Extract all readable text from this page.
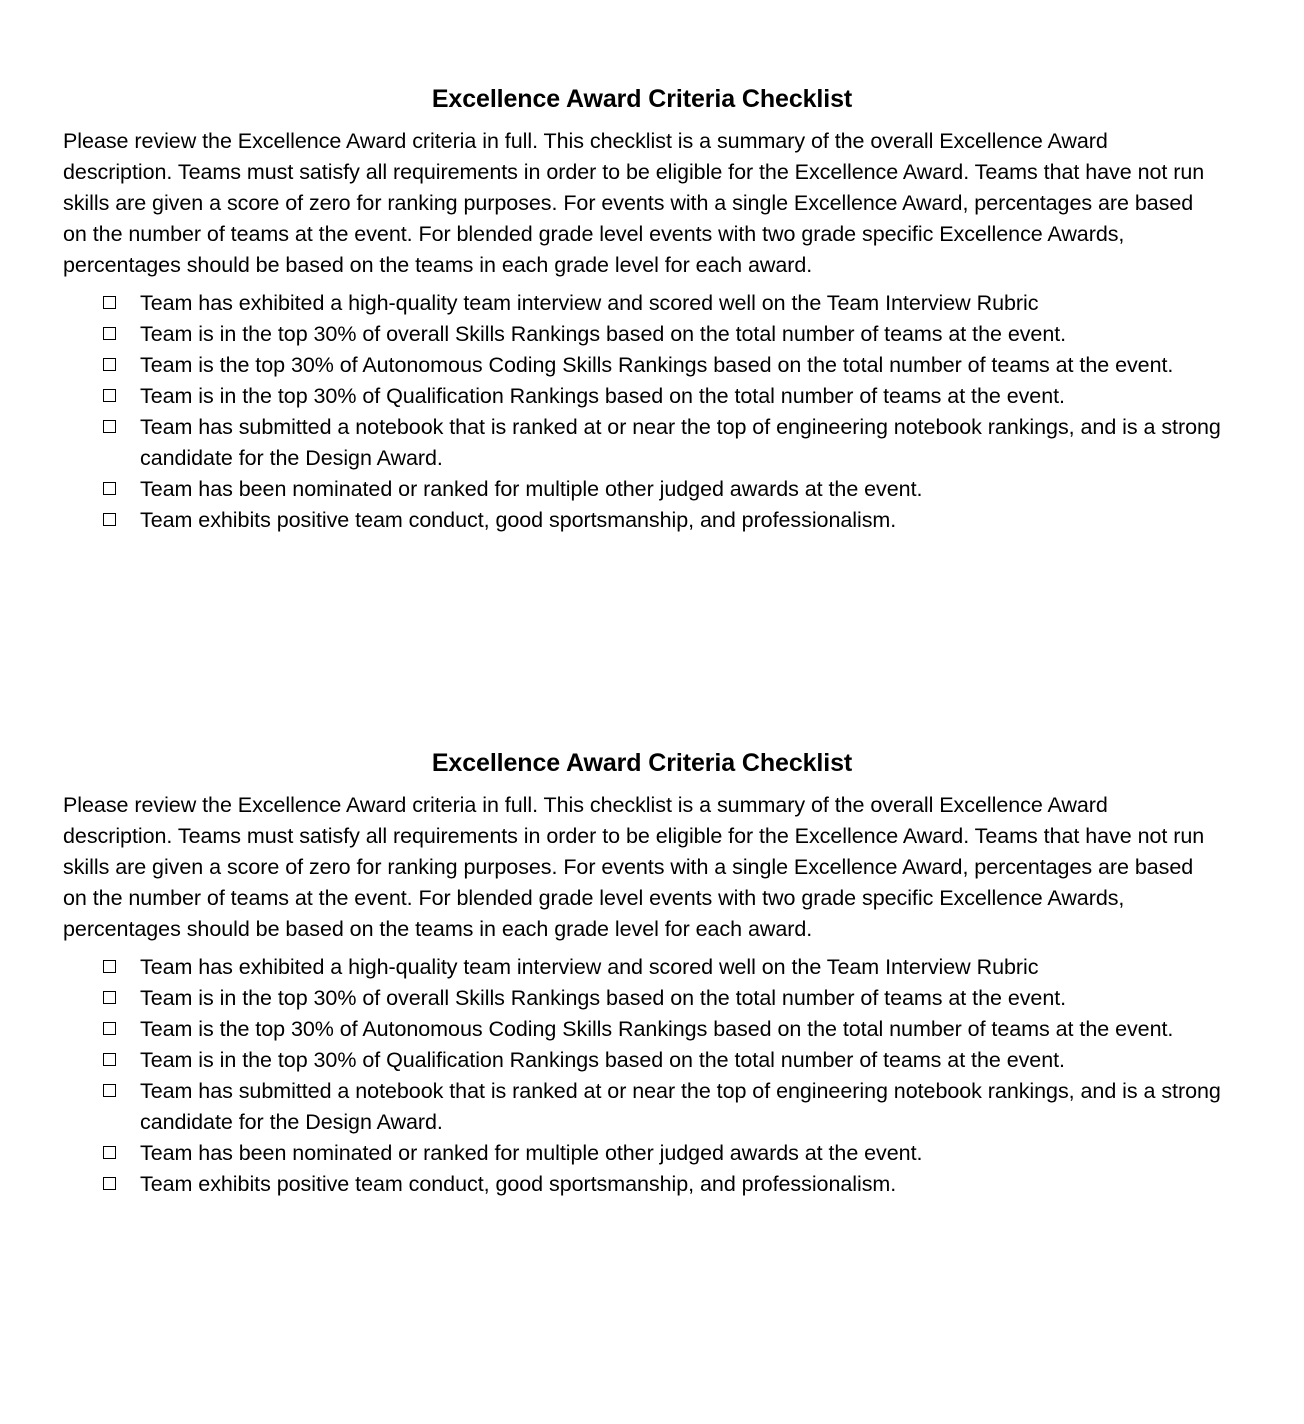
Excellence Award Criteria Checklist

Please review the Excellence Award criteria in full. This checklist is a summary of the overall Excellence Award description. Teams must satisfy all requirements in order to be eligible for the Excellence Award. Teams that have not run skills are given a score of zero for ranking purposes. For events with a single Excellence Award, percentages are based on the number of teams at the event. For blended grade level events with two grade specific Excellence Awards, percentages should be based on the teams in each grade level for each award.

Team has exhibited a high-quality team interview and scored well on the Team Interview Rubric
Team is in the top 30% of overall Skills Rankings based on the total number of teams at the event.
Team is the top 30% of Autonomous Coding Skills Rankings based on the total number of teams at the event.
Team is in the top 30% of Qualification Rankings based on the total number of teams at the event.
Team has submitted a notebook that is ranked at or near the top of engineering notebook rankings, and is a strong candidate for the Design Award.
Team has been nominated or ranked for multiple other judged awards at the event.
Team exhibits positive team conduct, good sportsmanship, and professionalism.
Excellence Award Criteria Checklist

Please review the Excellence Award criteria in full. This checklist is a summary of the overall Excellence Award description. Teams must satisfy all requirements in order to be eligible for the Excellence Award. Teams that have not run skills are given a score of zero for ranking purposes. For events with a single Excellence Award, percentages are based on the number of teams at the event. For blended grade level events with two grade specific Excellence Awards, percentages should be based on the teams in each grade level for each award.

Team has exhibited a high-quality team interview and scored well on the Team Interview Rubric
Team is in the top 30% of overall Skills Rankings based on the total number of teams at the event.
Team is the top 30% of Autonomous Coding Skills Rankings based on the total number of teams at the event.
Team is in the top 30% of Qualification Rankings based on the total number of teams at the event.
Team has submitted a notebook that is ranked at or near the top of engineering notebook rankings, and is a strong candidate for the Design Award.
Team has been nominated or ranked for multiple other judged awards at the event.
Team exhibits positive team conduct, good sportsmanship, and professionalism.
